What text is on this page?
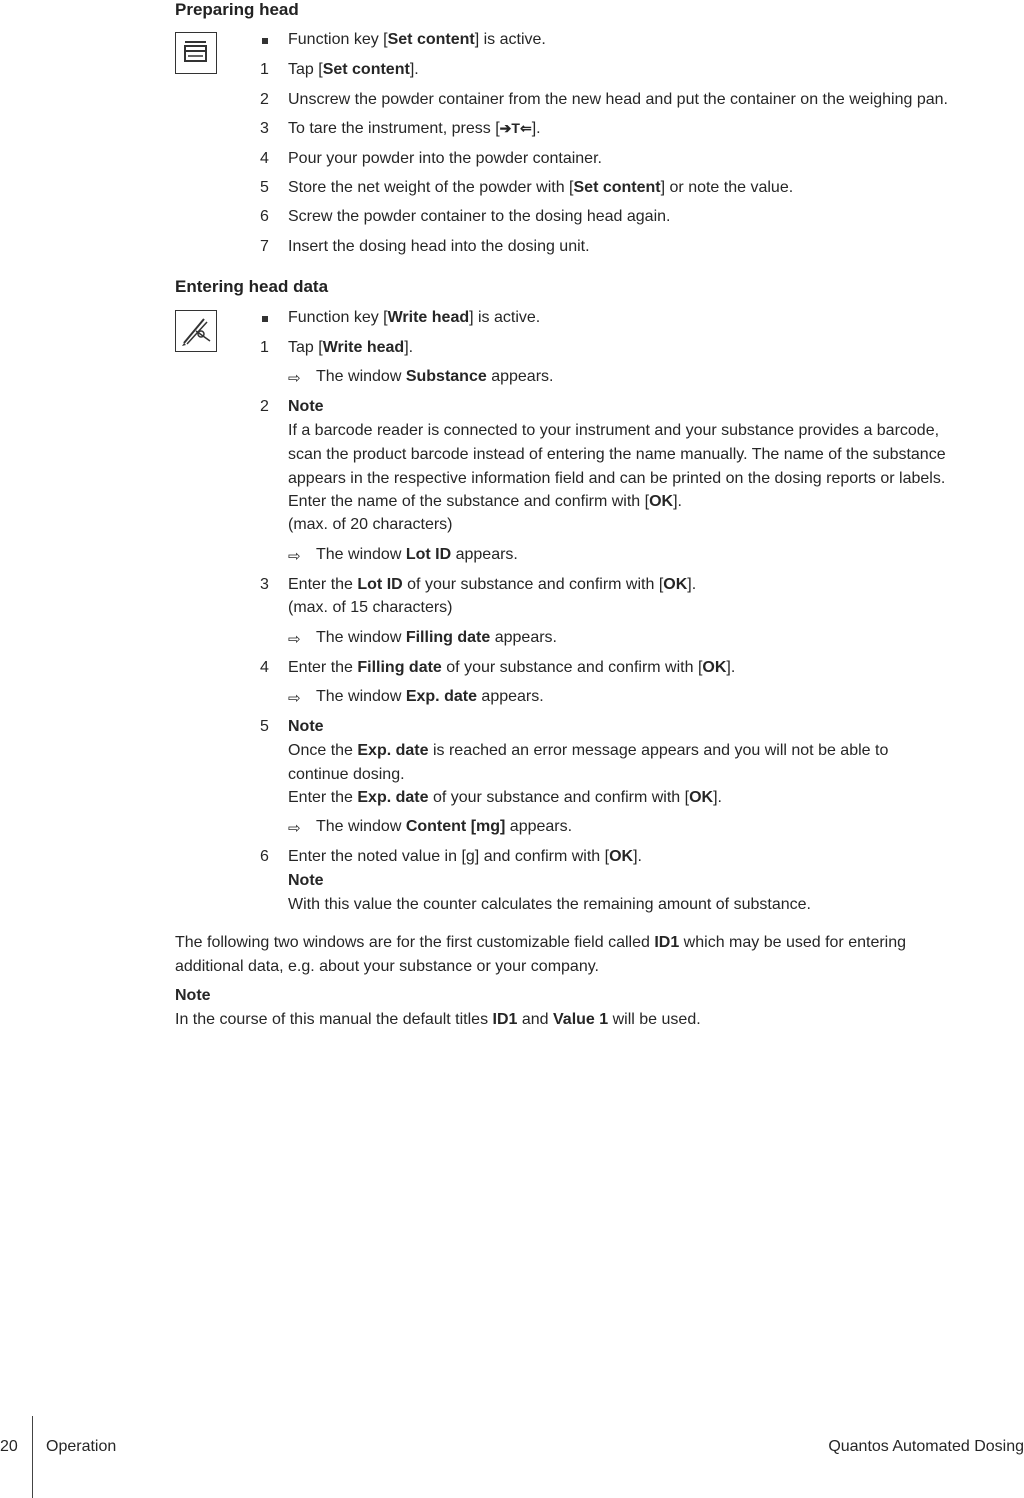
Preparing head
Function key [Set content] is active.
1 Tap [Set content].
2 Unscrew the powder container from the new head and put the container on the weighing pan.
3 To tare the instrument, press [➔T⇐].
4 Pour your powder into the powder container.
5 Store the net weight of the powder with [Set content] or note the value.
6 Screw the powder container to the dosing head again.
7 Insert the dosing head into the dosing unit.
Entering head data
Function key [Write head] is active.
1 Tap [Write head].
⇨ The window Substance appears.
2 Note
If a barcode reader is connected to your instrument and your substance provides a barcode,
scan the product barcode instead of entering the name manually. The name of the substance
appears in the respective information field and can be printed on the dosing reports or labels.
Enter the name of the substance and confirm with [OK].
(max. of 20 characters)
⇨ The window Lot ID appears.
3 Enter the Lot ID of your substance and confirm with [OK].
(max. of 15 characters)
⇨ The window Filling date appears.
4 Enter the Filling date of your substance and confirm with [OK].
⇨ The window Exp. date appears.
5 Note
Once the Exp. date is reached an error message appears and you will not be able to
continue dosing.
Enter the Exp. date of your substance and confirm with [OK].
⇨ The window Content [mg] appears.
6 Enter the noted value in [g] and confirm with [OK].
Note
With this value the counter calculates the remaining amount of substance.
The following two windows are for the first customizable field called ID1 which may be used for entering
additional data, e.g. about your substance or your company.
Note
In the course of this manual the default titles ID1 and Value 1 will be used.
20 Operation	Quantos Automated Dosing
